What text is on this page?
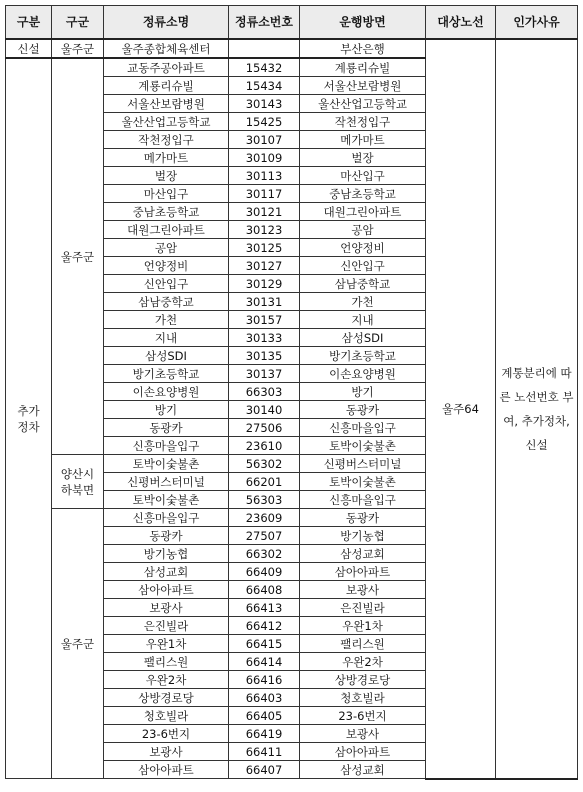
구분	구군	정류소명	정류소번호	운행방면	대상노선	인가사유
신설	울주군	울주종합체육센터		부산은행	울주64	계통분리에 따른 노선번호 부여, 추가정차, 신설
추가
정차	울주군	교동주공아파트	15432	계룡리슈빌		
		계룡리슈빌	15434	서울산보람병원		
		서울산보람병원	30143	울산산업고등학교		
		울산산업고등학교	15425	작천정입구		
		작천정입구	30107	메가마트		
		메가마트	30109	벌장		
		벌장	30113	마산입구		
		마산입구	30117	중남초등학교		
		중남초등학교	30121	대원그린아파트		
		대원그린아파트	30123	공암		
		공암	30125	언양정비		
		언양정비	30127	신안입구		
		신안입구	30129	삼남중학교		
		삼남중학교	30131	가천		
		가천	30157	지내		
		지내	30133	삼성SDI		
		삼성SDI	30135	방기초등학교		
		방기초등학교	30137	이손요양병원		
		이손요양병원	66303	방기		
		방기	30140	동광카		
		동광카	27506	신흥마을입구		
		신흥마을입구	23610	토박이숯불촌		
	양산시
하북면	토박이숯불촌	56302	신평버스터미널		
		신평버스터미널	66201	토박이숯불촌		
		토박이숯불촌	56303	신흥마을입구		
	울주군	신흥마을입구	23609	동광카		
		동광카	27507	방기농협		
		방기농협	66302	삼성교회		
		삼성교회	66409	삼아아파트		
		삼아아파트	66408	보광사		
		보광사	66413	은진빌라		
		은진빌라	66412	우완1차		
		우완1차	66415	팰리스원		
		팰리스원	66414	우완2차		
		우완2차	66416	상방경로당		
		상방경로당	66403	청호빌라		
		청호빌라	66405	23-6번지		
		23-6번지	66419	보광사		
		보광사	66411	삼아아파트		
		삼아아파트	66407	삼성교회		
